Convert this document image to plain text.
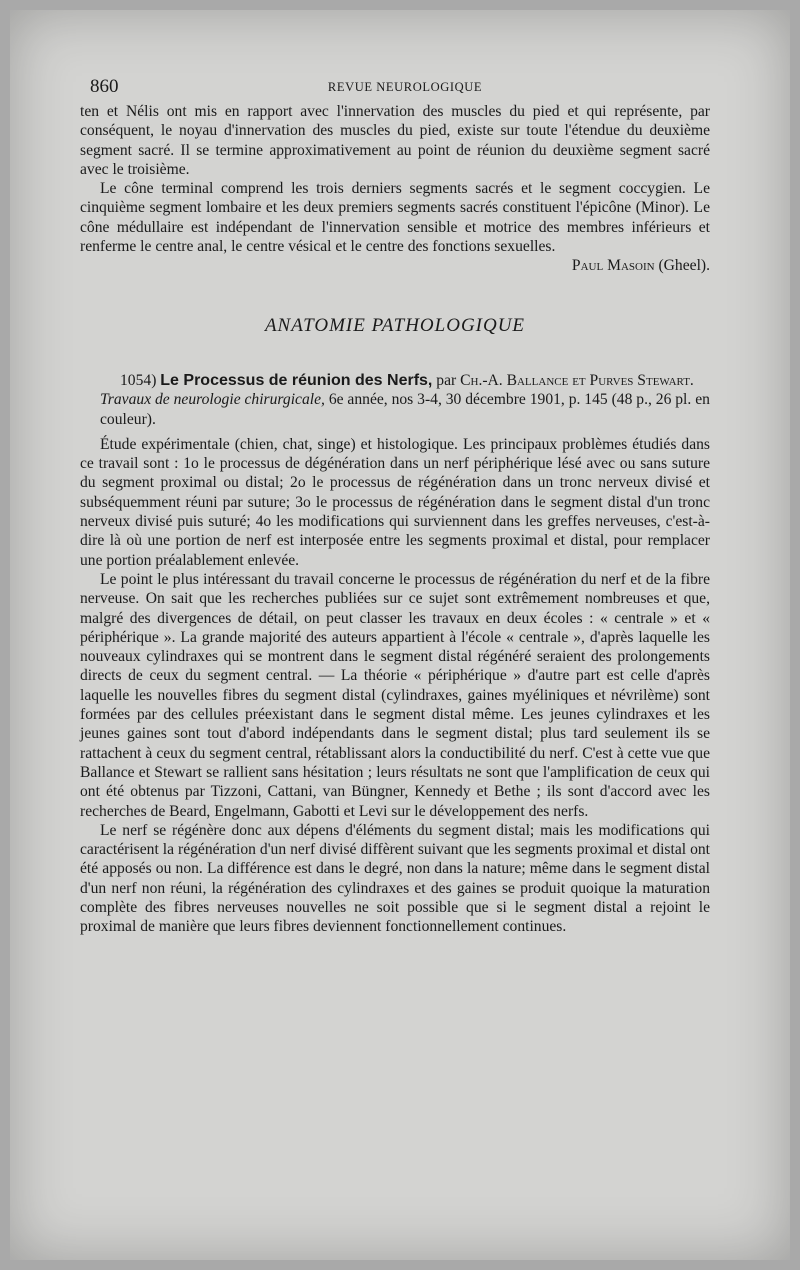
860	REVUE NEUROLOGIQUE

ten et Nélis ont mis en rapport avec l'innervation des muscles du pied et qui représente, par conséquent, le noyau d'innervation des muscles du pied, existe sur toute l'étendue du deuxième segment sacré. Il se termine approximativement au point de réunion du deuxième segment sacré avec le troisième.

Le cône terminal comprend les trois derniers segments sacrés et le segment coccygien. Le cinquième segment lombaire et les deux premiers segments sacrés constituent l'épicône (Minor). Le cône médullaire est indépendant de l'innervation sensible et motrice des membres inférieurs et renferme le centre anal, le centre vésical et le centre des fonctions sexuelles.

Paul Masoin (Gheel).

ANATOMIE PATHOLOGIQUE

1054) Le Processus de réunion des Nerfs, par Ch.-A. Ballance et Purves Stewart. Travaux de neurologie chirurgicale, 6e année, nos 3-4, 30 décembre 1901, p. 145 (48 p., 26 pl. en couleur).

Étude expérimentale (chien, chat, singe) et histologique. Les principaux problèmes étudiés dans ce travail sont : 1o le processus de dégénération dans un nerf périphérique lésé avec ou sans suture du segment proximal ou distal; 2o le processus de régénération dans un tronc nerveux divisé et subséquemment réuni par suture; 3o le processus de régénération dans le segment distal d'un tronc nerveux divisé puis suturé; 4o les modifications qui surviennent dans les greffes nerveuses, c'est-à-dire là où une portion de nerf est interposée entre les segments proximal et distal, pour remplacer une portion préalablement enlevée.

Le point le plus intéressant du travail concerne le processus de régénération du nerf et de la fibre nerveuse. On sait que les recherches publiées sur ce sujet sont extrêmement nombreuses et que, malgré des divergences de détail, on peut classer les travaux en deux écoles : « centrale » et « périphérique ». La grande majorité des auteurs appartient à l'école « centrale », d'après laquelle les nouveaux cylindraxes qui se montrent dans le segment distal régénéré seraient des prolongements directs de ceux du segment central. — La théorie « périphérique » d'autre part est celle d'après laquelle les nouvelles fibres du segment distal (cylindraxes, gaines myéliniques et névrilème) sont formées par des cellules préexistant dans le segment distal même. Les jeunes cylindraxes et les jeunes gaines sont tout d'abord indépendants dans le segment distal; plus tard seulement ils se rattachent à ceux du segment central, rétablissant alors la conductibilité du nerf. C'est à cette vue que Ballance et Stewart se rallient sans hésitation ; leurs résultats ne sont que l'amplification de ceux qui ont été obtenus par Tizzoni, Cattani, van Büngner, Kennedy et Bethe ; ils sont d'accord avec les recherches de Beard, Engelmann, Gabotti et Levi sur le développement des nerfs.

Le nerf se régénère donc aux dépens d'éléments du segment distal; mais les modifications qui caractérisent la régénération d'un nerf divisé diffèrent suivant que les segments proximal et distal ont été apposés ou non. La différence est dans le degré, non dans la nature; même dans le segment distal d'un nerf non réuni, la régénération des cylindraxes et des gaines se produit quoique la maturation complète des fibres nerveuses nouvelles ne soit possible que si le segment distal a rejoint le proximal de manière que leurs fibres deviennent fonctionnellement continues.
